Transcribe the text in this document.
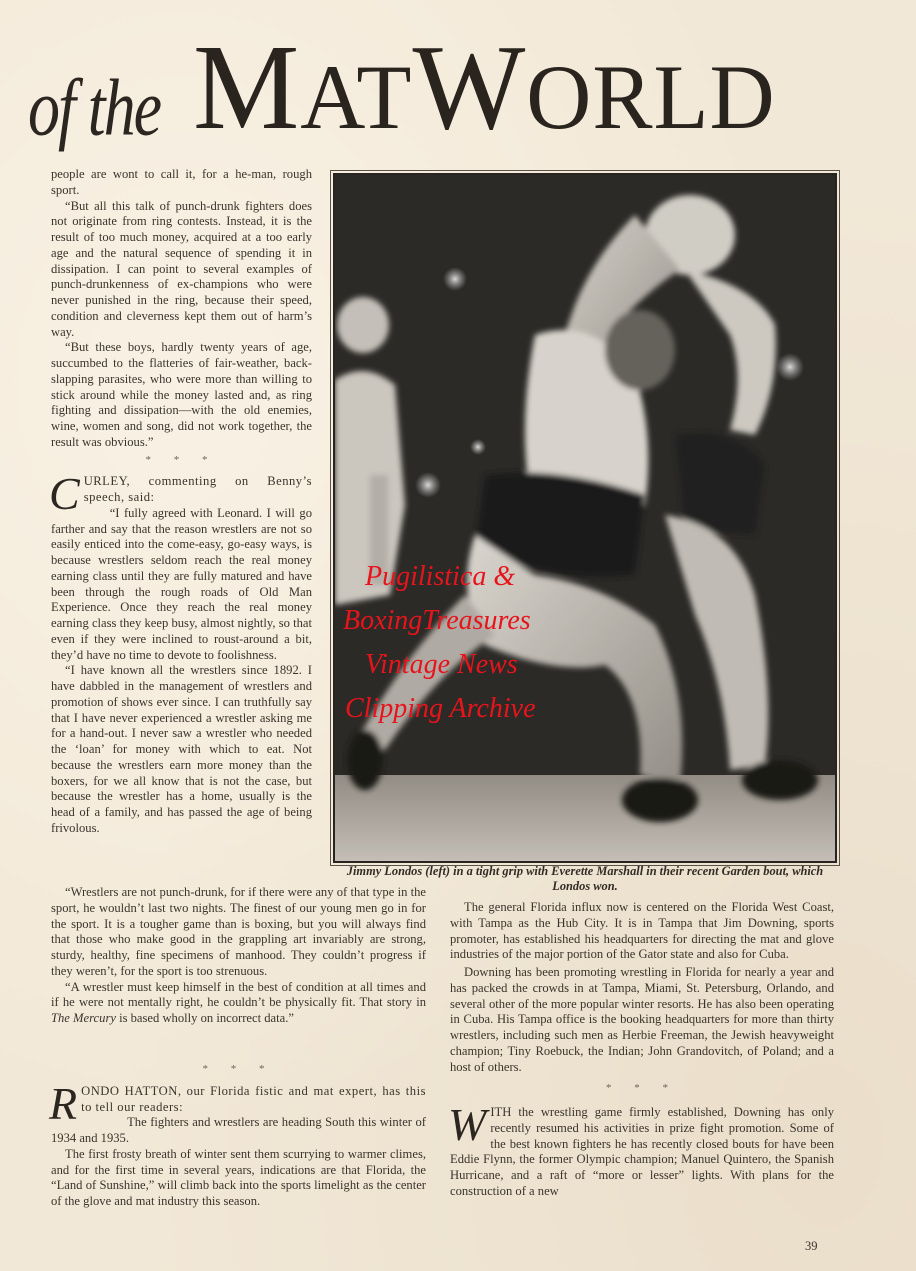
of the MATWORLD

people are wont to call it, for a he-man, rough sport.

“But all this talk of punch-drunk fighters does not originate from ring contests. Instead, it is the result of too much money, acquired at a too early age and the natural sequence of spending it in dissipation. I can point to several examples of punch-drunkenness of ex-champions who were never punished in the ring, because their speed, condition and cleverness kept them out of harm’s way.

“But these boys, hardly twenty years of age, succumbed to the flatteries of fair-weather, back-slapping parasites, who were more than willing to stick around while the money lasted and, as ring fighting and dissipation—with the old enemies, wine, women and song, did not work together, the result was obvious.”

* * *

CURLEY, commenting on Benny’s speech, said:

“I fully agreed with Leonard. I will go farther and say that the reason wrestlers are not so easily enticed into the come-easy, go-easy ways, is because wrestlers seldom reach the real money earning class until they are fully matured and have been through the rough roads of Old Man Experience. Once they reach the real money earning class they keep busy, almost nightly, so that even if they were inclined to roust-around a bit, they’d have no time to devote to foolishness.

“I have known all the wrestlers since 1892. I have dabbled in the management of wrestlers and promotion of shows ever since. I can truthfully say that I have never experienced a wrestler asking me for a hand-out. I never saw a wrestler who needed the ‘loan’ for money with which to eat. Not because the wrestlers earn more money than the boxers, for we all know that is not the case, but because the wrestler has a home, usually is the head of a family, and has passed the age of being frivolous.

“Wrestlers are not punch-drunk, for if there were any of that type in the sport, he wouldn’t last two nights. The finest of our young men go in for the sport. It is a tougher game than is boxing, but you will always find that those who make good in the grappling art invariably are strong, sturdy, healthy, fine specimens of manhood. They couldn’t progress if they weren’t, for the sport is too strenuous.

“A wrestler must keep himself in the best of condition at all times and if he were not mentally right, he couldn’t be physically fit. That story in The Mercury is based wholly on incorrect data.”

* * *

RONDO HATTON, our Florida fistic and mat expert, has this to tell our readers:

The fighters and wrestlers are heading South this winter of 1934 and 1935.

The first frosty breath of winter sent them scurrying to warmer climes, and for the first time in several years, indications are that Florida, the “Land of Sunshine,” will climb back into the sports limelight as the center of the glove and mat industry this season.

Pugilistica &
BoxingTreasures
Vintage News
Clipping Archive
Jimmy Londos (left) in a tight grip with Everette Marshall in their recent Garden bout, which Londos won.

The general Florida influx now is centered on the Florida West Coast, with Tampa as the Hub City. It is in Tampa that Jim Downing, sports promoter, has established his headquarters for directing the mat and glove industries of the major portion of the Gator state and also for Cuba.

Downing has been promoting wrestling in Florida for nearly a year and has packed the crowds in at Tampa, Miami, St. Petersburg, Orlando, and several other of the more popular winter resorts. He has also been operating in Cuba. His Tampa office is the booking headquarters for more than thirty wrestlers, including such men as Herbie Freeman, the Jewish heavyweight champion; Tiny Roebuck, the Indian; John Grandovitch, of Poland; and a host of others.

* * *

WITH the wrestling game firmly established, Downing has only recently resumed his activities in prize fight promotion. Some of the best known fighters he has recently closed bouts for have been Eddie Flynn, the former Olympic champion; Manuel Quintero, the Spanish Hurricane, and a raft of “more or lesser” lights. With plans for the construction of a new

39
